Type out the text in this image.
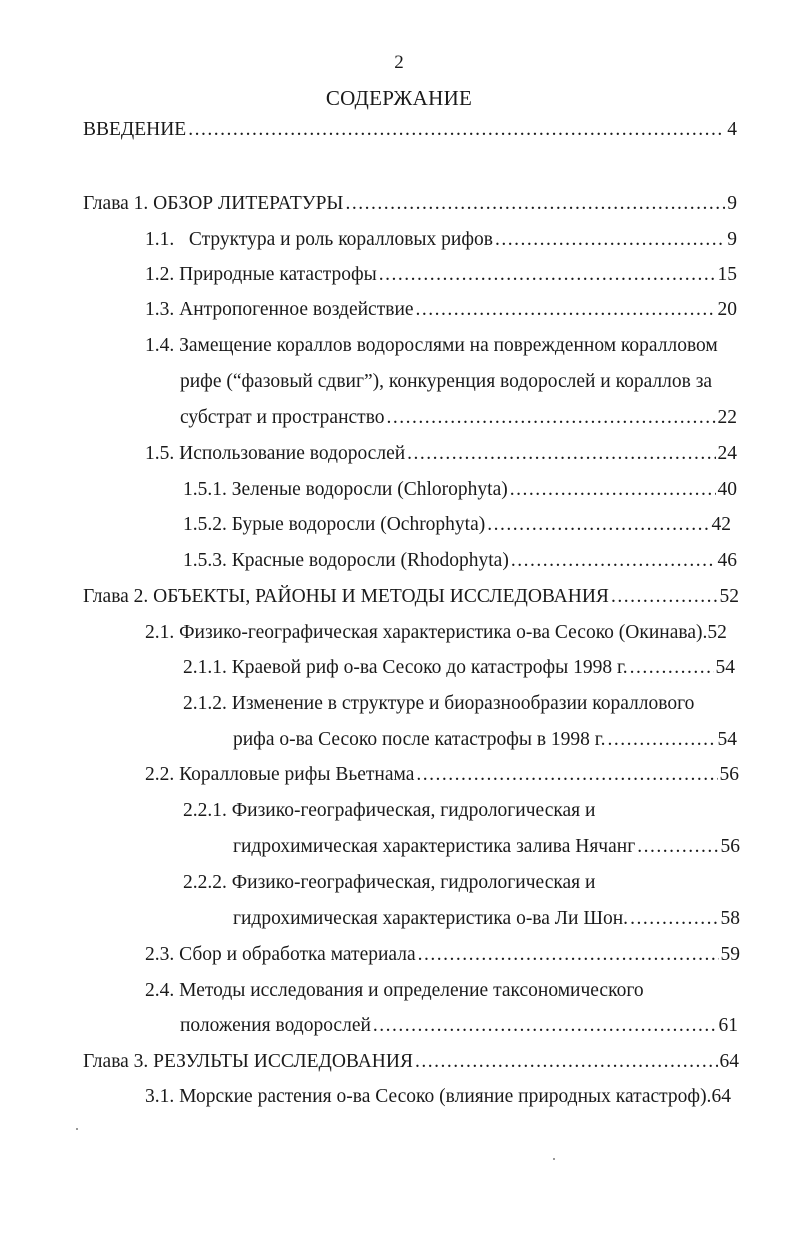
2
СОДЕРЖАНИЕ
ВВЕДЕНИЕ .....	4
Глава 1. ОБЗОР ЛИТЕРАТУРЫ .....	9
1.1.   Структура и роль коралловых рифов .....	9
1.2. Природные катастрофы .....	15
1.3. Антропогенное воздействие .....	20
1.4. Замещение кораллов водорослями на поврежденном коралловом
рифе (“фазовый сдвиг”), конкуренция водорослей и кораллов за
субстрат и пространство .....	22
1.5. Использование водорослей .....	24
1.5.1. Зеленые водоросли (Chlorophyta) .....	40
1.5.2. Бурые водоросли (Ochrophyta) .....	42
1.5.3. Красные водоросли (Rhodophyta) .....	46
Глава 2. ОБЪЕКТЫ, РАЙОНЫ И МЕТОДЫ ИССЛЕДОВАНИЯ .....	52
2.1. Физико-географическая характеристика о-ва Сесоко (Окинава). 52
2.1.1. Краевой риф о-ва Сесоко до катастрофы 1998 г. .....	54
2.1.2. Изменение в структуре и биоразнообразии кораллового
рифа о-ва Сесоко после катастрофы в 1998 г. .....	54
2.2. Коралловые рифы Вьетнама .....	56
2.2.1. Физико-географическая, гидрологическая и
гидрохимическая характеристика залива Нячанг .....	56
2.2.2. Физико-географическая, гидрологическая и
гидрохимическая характеристика о-ва Ли Шон. .....	58
2.3. Сбор и обработка материала .....	59
2.4. Методы исследования и определение таксономического
положения водорослей .....	61
Глава 3. РЕЗУЛЬТЫ ИССЛЕДОВАНИЯ .....	64
3.1. Морские растения о-ва Сесоко (влияние природных катастроф). 64
